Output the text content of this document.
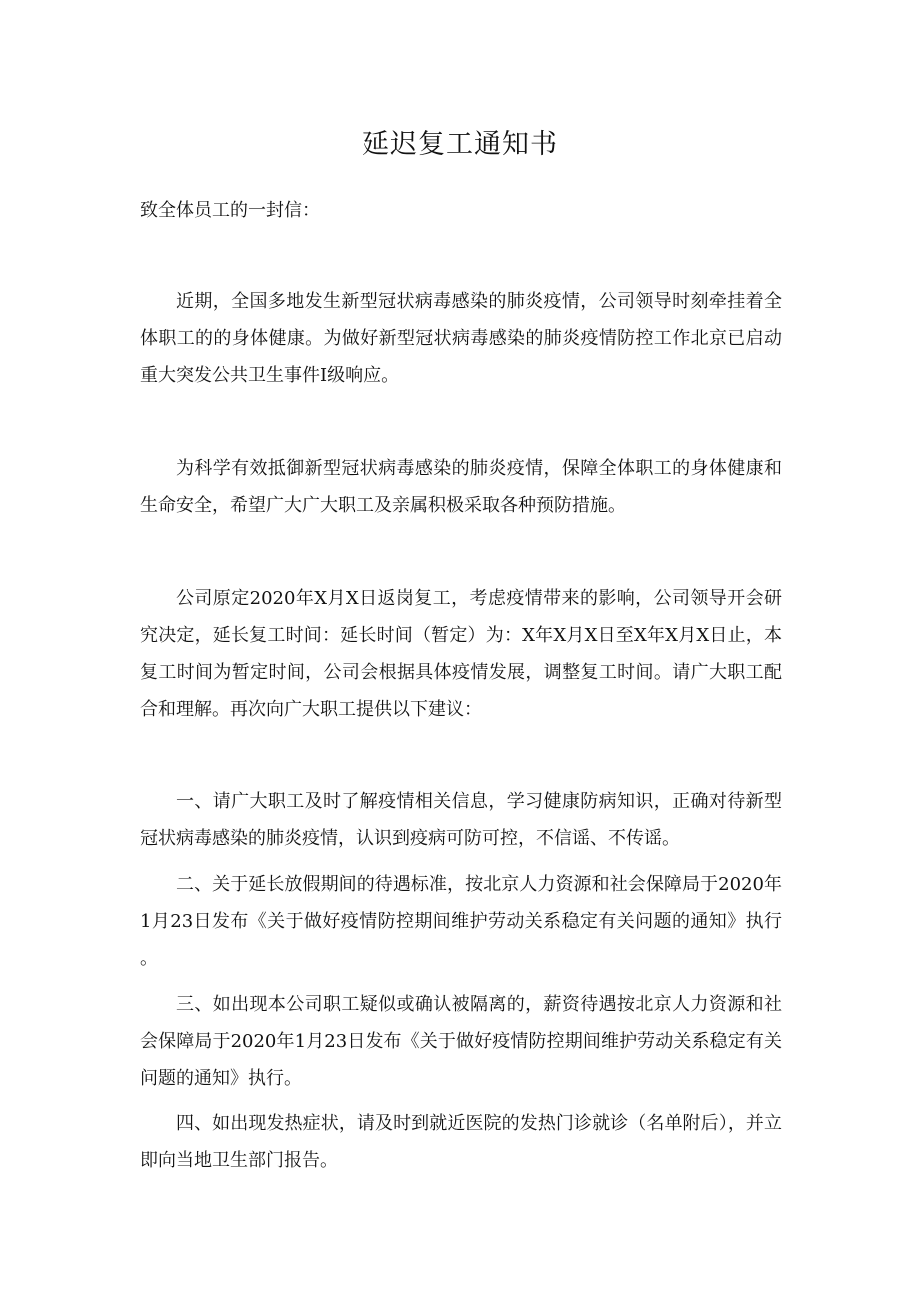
延迟复工通知书

致全体员工的一封信：

近期，全国多地发生新型冠状病毒感染的肺炎疫情，公司领导时刻牵挂着全体职工的的身体健康。为做好新型冠状病毒感染的肺炎疫情防控工作北京已启动重大突发公共卫生事件Ⅰ级响应。

为科学有效抵御新型冠状病毒感染的肺炎疫情，保障全体职工的身体健康和生命安全，希望广大广大职工及亲属积极采取各种预防措施。

公司原定2020年X月X日返岗复工，考虑疫情带来的影响，公司领导开会研究决定，延长复工时间：延长时间（暂定）为：X年X月X日至X年X月X日止，本复工时间为暂定时间，公司会根据具体疫情发展，调整复工时间。请广大职工配合和理解。再次向广大职工提供以下建议：

一、请广大职工及时了解疫情相关信息，学习健康防病知识，正确对待新型冠状病毒感染的肺炎疫情，认识到疫病可防可控，不信谣、不传谣。

二、关于延长放假期间的待遇标准，按北京人力资源和社会保障局于2020年1月23日发布《关于做好疫情防控期间维护劳动关系稳定有关问题的通知》执行。

三、如出现本公司职工疑似或确认被隔离的，薪资待遇按北京人力资源和社会保障局于2020年1月23日发布《关于做好疫情防控期间维护劳动关系稳定有关问题的通知》执行。

四、如出现发热症状，请及时到就近医院的发热门诊就诊（名单附后），并立即向当地卫生部门报告。
